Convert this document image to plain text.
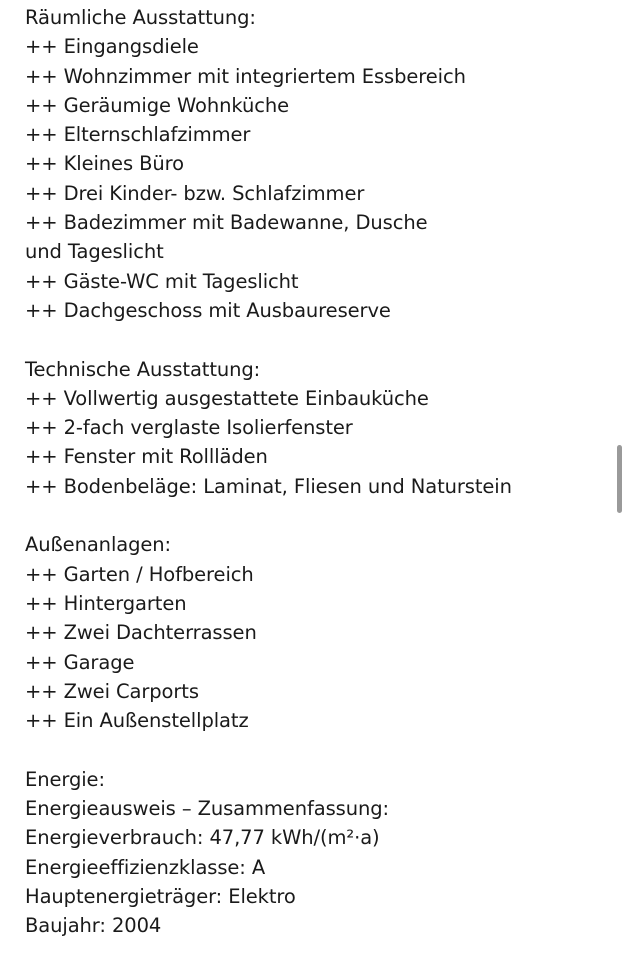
Räumliche Ausstattung:
++ Eingangsdiele
++ Wohnzimmer mit integriertem Essbereich
++ Geräumige Wohnküche
++ Elternschlafzimmer
++ Kleines Büro
++ Drei Kinder- bzw. Schlafzimmer
++ Badezimmer mit Badewanne, Dusche
und Tageslicht
++ Gäste-WC mit Tageslicht
++ Dachgeschoss mit Ausbaureserve
Technische Ausstattung:
++ Vollwertig ausgestattete Einbauküche
++ 2-fach verglaste Isolierfenster
++ Fenster mit Rollläden
++ Bodenbeläge: Laminat, Fliesen und Naturstein
Außenanlagen:
++ Garten / Hofbereich
++ Hintergarten
++ Zwei Dachterrassen
++ Garage
++ Zwei Carports
++ Ein Außenstellplatz
Energie:
Energieausweis – Zusammenfassung:
Energieverbrauch: 47,77 kWh/(m²·a)
Energieeffizienzklasse: A
Hauptenergieträger: Elektro
Baujahr: 2004
